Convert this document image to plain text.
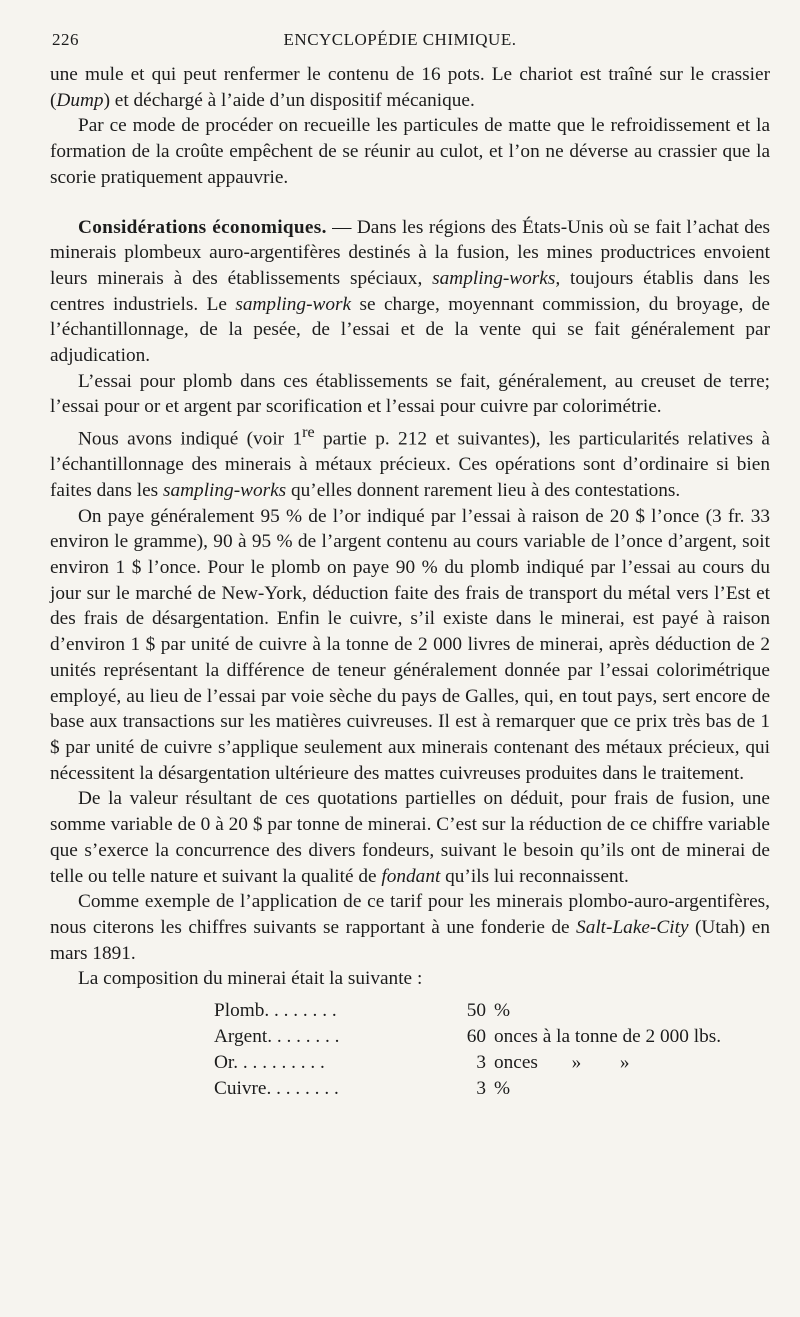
226	ENCYCLOPÉDIE CHIMIQUE.

une mule et qui peut renfermer le contenu de 16 pots. Le chariot est traîné sur le crassier (Dump) et déchargé à l’aide d’un dispositif mécanique.

Par ce mode de procéder on recueille les particules de matte que le refroidissement et la formation de la croûte empêchent de se réunir au culot, et l’on ne déverse au crassier que la scorie pratiquement appauvrie.

Considérations économiques. — Dans les régions des États-Unis où se fait l’achat des minerais plombeux auro-argentifères destinés à la fusion, les mines productrices envoient leurs minerais à des établissements spéciaux, sampling-works, toujours établis dans les centres industriels. Le sampling-work se charge, moyennant commission, du broyage, de l’échantillonnage, de la pesée, de l’essai et de la vente qui se fait généralement par adjudication.

L’essai pour plomb dans ces établissements se fait, généralement, au creuset de terre; l’essai pour or et argent par scorification et l’essai pour cuivre par colorimétrie.

Nous avons indiqué (voir 1re partie p. 212 et suivantes), les particularités relatives à l’échantillonnage des minerais à métaux précieux. Ces opérations sont d’ordinaire si bien faites dans les sampling-works qu’elles donnent rarement lieu à des contestations.

On paye généralement 95 % de l’or indiqué par l’essai à raison de 20 $ l’once (3 fr. 33 environ le gramme), 90 à 95 % de l’argent contenu au cours variable de l’once d’argent, soit environ 1 $ l’once. Pour le plomb on paye 90 % du plomb indiqué par l’essai au cours du jour sur le marché de New-York, déduction faite des frais de transport du métal vers l’Est et des frais de désargentation. Enfin le cuivre, s’il existe dans le minerai, est payé à raison d’environ 1 $ par unité de cuivre à la tonne de 2 000 livres de minerai, après déduction de 2 unités représentant la différence de teneur généralement donnée par l’essai colorimétrique employé, au lieu de l’essai par voie sèche du pays de Galles, qui, en tout pays, sert encore de base aux transactions sur les matières cuivreuses. Il est à remarquer que ce prix très bas de 1 $ par unité de cuivre s’applique seulement aux minerais contenant des métaux précieux, qui nécessitent la désargentation ultérieure des mattes cuivreuses produites dans le traitement.

De la valeur résultant de ces quotations partielles on déduit, pour frais de fusion, une somme variable de 0 à 20 $ par tonne de minerai. C’est sur la réduction de ce chiffre variable que s’exerce la concurrence des divers fondeurs, suivant le besoin qu’ils ont de minerai de telle ou telle nature et suivant la qualité de fondant qu’ils lui reconnaissent.

Comme exemple de l’application de ce tarif pour les minerais plombo-auro-argentifères, nous citerons les chiffres suivants se rapportant à une fonderie de Salt-Lake-City (Utah) en mars 1891.

La composition du minerai était la suivante :

Plomb. . . . . . . .	50 %
Argent. . . . . . . .	60 onces à la tonne de 2 000 lbs.
Or. . . . . . . . . .	3 onces       »        »
Cuivre. . . . . . . .	3 %
